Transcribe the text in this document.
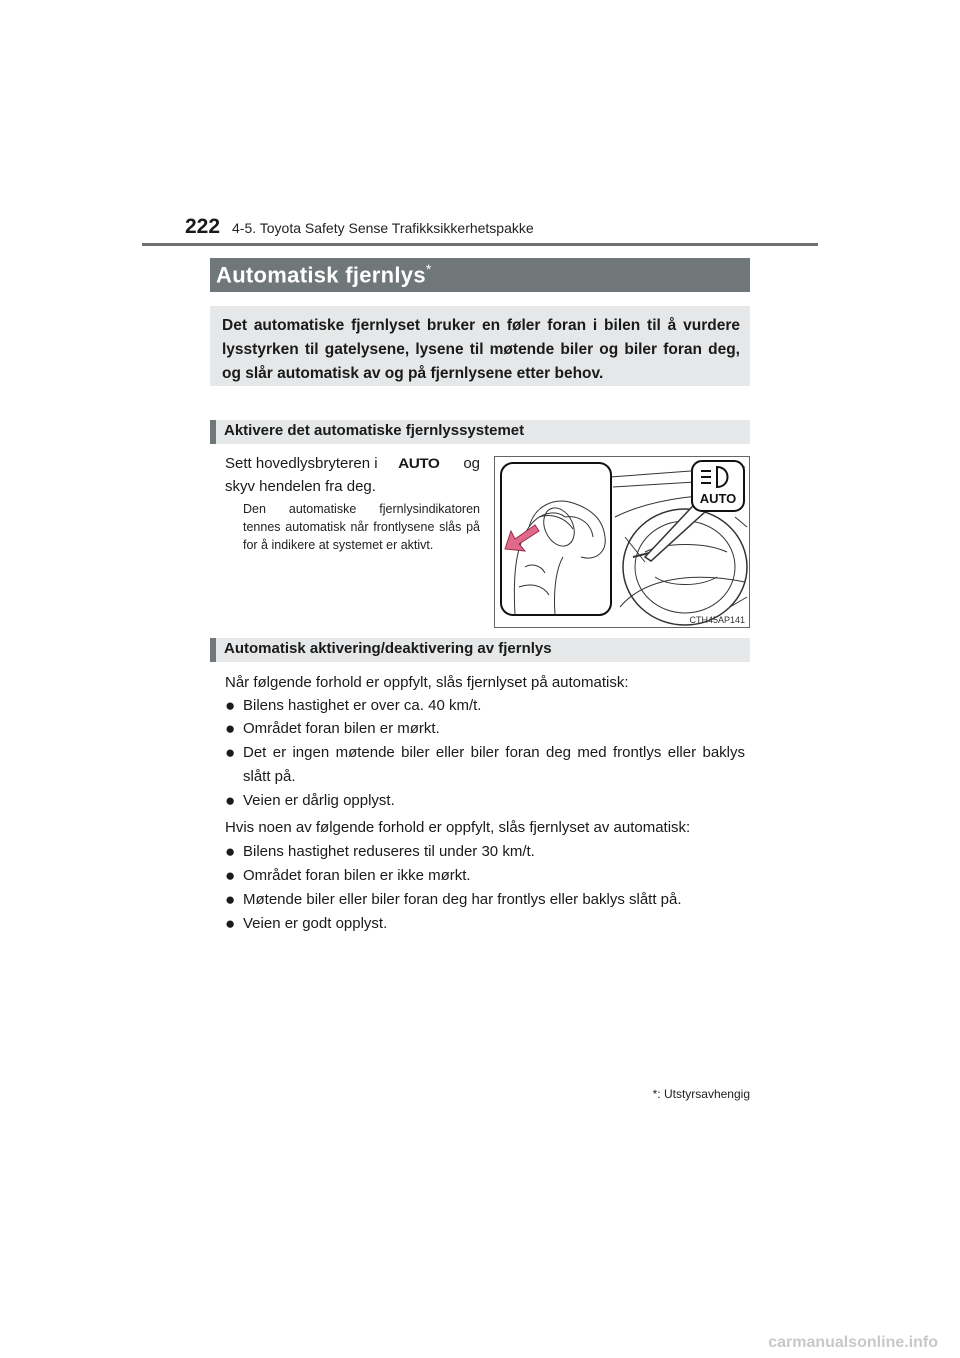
222 4-5. Toyota Safety Sense Trafikksikkerhetspakke
Automatisk fjernlys*
Det automatiske fjernlyset bruker en føler foran i bilen til å vurdere lysstyrken til gatelysene, lysene til møtende biler og biler foran deg, og slår automatisk av og på fjernlysene etter behov.
Aktivere det automatiske fjernlyssystemet
Sett hovedlysbryteren i AUTO og
skyv hendelen fra deg.
Den automatiske fjernlysindikatoren tennes automatisk når frontlysene slås på for å indikere at systemet er aktivt.
AUTO
CTH45AP141
Automatisk aktivering/deaktivering av fjernlys
Når følgende forhold er oppfylt, slås fjernlyset på automatisk:
● Bilens hastighet er over ca. 40 km/t.
● Området foran bilen er mørkt.
● Det er ingen møtende biler eller biler foran deg med frontlys eller baklys slått på.
● Veien er dårlig opplyst.
Hvis noen av følgende forhold er oppfylt, slås fjernlyset av automatisk:
● Bilens hastighet reduseres til under 30 km/t.
● Området foran bilen er ikke mørkt.
● Møtende biler eller biler foran deg har frontlys eller baklys slått på.
● Veien er godt opplyst.
*: Utstyrsavhengig
carmanualsonline.info
